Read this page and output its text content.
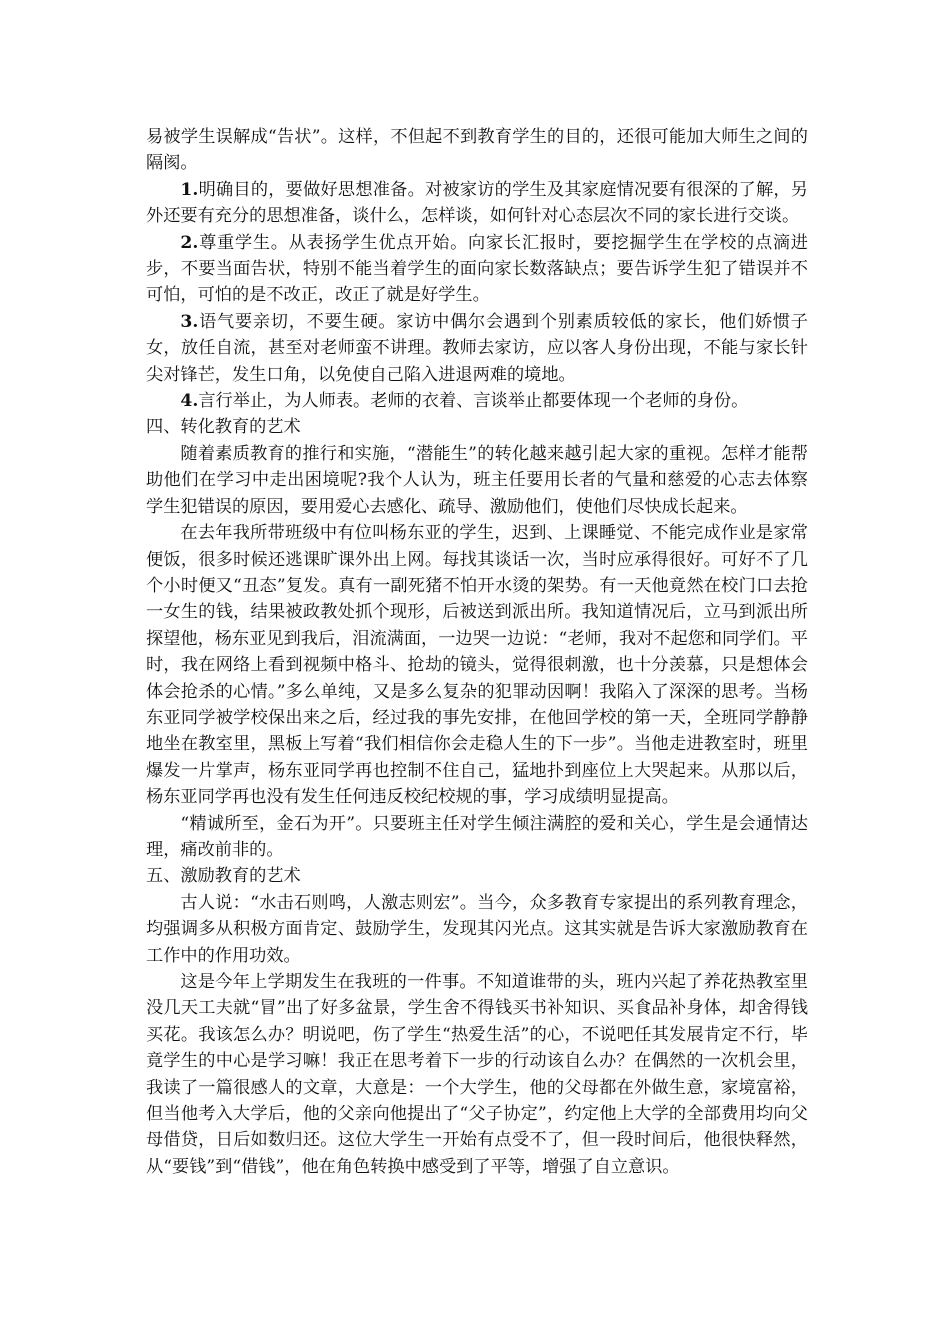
易被学生误解成“告状”。这样，不但起不到教育学生的目的，还很可能加大师生之间的隔阂。

1.明确目的，要做好思想准备。对被家访的学生及其家庭情况要有很深的了解，另外还要有充分的思想准备，谈什么，怎样谈，如何针对心态层次不同的家长进行交谈。

2.尊重学生。从表扬学生优点开始。向家长汇报时，要挖掘学生在学校的点滴进步，不要当面告状，特别不能当着学生的面向家长数落缺点；要告诉学生犯了错误并不可怕，可怕的是不改正，改正了就是好学生。

3.语气要亲切，不要生硬。家访中偶尔会遇到个别素质较低的家长，他们娇惯子女，放任自流，甚至对老师蛮不讲理。教师去家访，应以客人身份出现，不能与家长针尖对锋芒，发生口角，以免使自己陷入进退两难的境地。

4.言行举止，为人师表。老师的衣着、言谈举止都要体现一个老师的身份。

四、转化教育的艺术

随着素质教育的推行和实施，“潜能生”的转化越来越引起大家的重视。怎样才能帮助他们在学习中走出困境呢?我个人认为，班主任要用长者的气量和慈爱的心志去体察学生犯错误的原因，要用爱心去感化、疏导、激励他们，使他们尽快成长起来。

在去年我所带班级中有位叫杨东亚的学生，迟到、上课睡觉、不能完成作业是家常便饭，很多时候还逃课旷课外出上网。每找其谈话一次，当时应承得很好。可好不了几个小时便又“丑态”复发。真有一副死猪不怕开水烫的架势。有一天他竟然在校门口去抢一女生的钱，结果被政教处抓个现形，后被送到派出所。我知道情况后，立马到派出所探望他，杨东亚见到我后，泪流满面，一边哭一边说：“老师，我对不起您和同学们。平时，我在网络上看到视频中格斗、抢劫的镜头，觉得很刺激，也十分羡慕，只是想体会体会抢杀的心情。”多么单纯，又是多么复杂的犯罪动因啊！我陷入了深深的思考。当杨东亚同学被学校保出来之后，经过我的事先安排，在他回学校的第一天，全班同学静静地坐在教室里，黑板上写着“我们相信你会走稳人生的下一步”。当他走进教室时，班里爆发一片掌声，杨东亚同学再也控制不住自己，猛地扑到座位上大哭起来。从那以后，杨东亚同学再也没有发生任何违反校纪校规的事，学习成绩明显提高。

“精诚所至，金石为开”。只要班主任对学生倾注满腔的爱和关心，学生是会通情达理，痛改前非的。

五、激励教育的艺术

古人说：“水击石则鸣，人激志则宏”。当今，众多教育专家提出的系列教育理念，均强调多从积极方面肯定、鼓励学生，发现其闪光点。这其实就是告诉大家激励教育在工作中的作用功效。

这是今年上学期发生在我班的一件事。不知道谁带的头，班内兴起了养花热教室里没几天工夫就“冒”出了好多盆景，学生舍不得钱买书补知识、买食品补身体，却舍得钱买花。我该怎么办？明说吧，伤了学生“热爱生活”的心，不说吧任其发展肯定不行，毕竟学生的中心是学习嘛！我正在思考着下一步的行动该自么办？在偶然的一次机会里，我读了一篇很感人的文章，大意是：一个大学生，他的父母都在外做生意，家境富裕，但当他考入大学后，他的父亲向他提出了“父子协定”，约定他上大学的全部费用均向父母借贷，日后如数归还。这位大学生一开始有点受不了，但一段时间后，他很快释然，从“要钱”到“借钱”，他在角色转换中感受到了平等，增强了自立意识。
